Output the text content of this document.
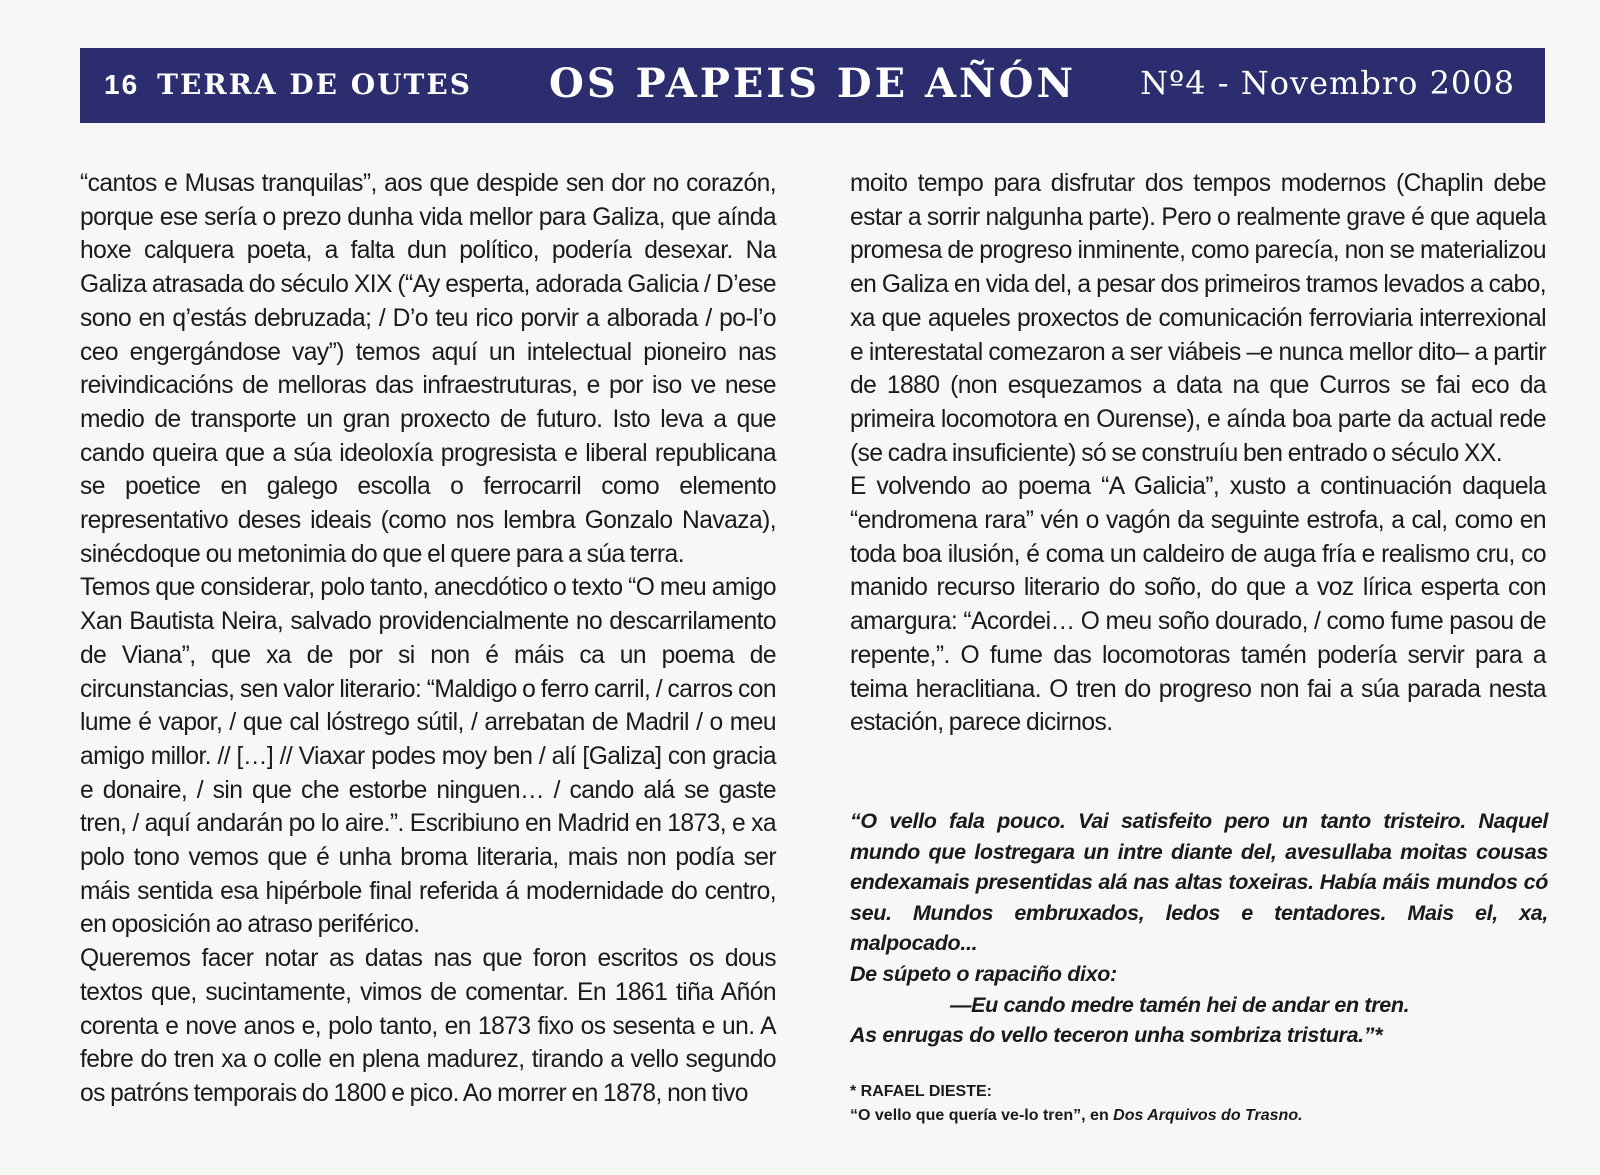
16 TERRA DE OUTES	OS PAPEIS DE AÑÓN	Nº4 - Novembro 2008

“cantos e Musas tranquilas”, aos que despide sen dor no corazón, porque ese sería o prezo dunha vida mellor para Galiza, que aínda hoxe calquera poeta, a falta dun político, podería desexar. Na Galiza atrasada do século XIX (“Ay esperta, adorada Galicia / D’ese sono en q’estás debruzada; / D’o teu rico porvir a alborada / po-l’o ceo engergándose vay”) temos aquí un intelectual pioneiro nas reivindicacións de melloras das infraestruturas, e por iso ve nese medio de transporte un gran proxecto de futuro. Isto leva a que cando queira que a súa ideoloxía progresista e liberal republicana se poetice en galego escolla o ferrocarril como elemento representativo deses ideais (como nos lembra Gonzalo Navaza), sinécdoque ou metonimia do que el quere para a súa terra.

Temos que considerar, polo tanto, anecdótico o texto “O meu amigo Xan Bautista Neira, salvado providencialmente no descarrilamento de Viana”, que xa de por si non é máis ca un poema de circunstancias, sen valor literario: “Maldigo o ferro carril, / carros con lume é vapor, / que cal lóstrego sútil, / arrebatan de Madril / o meu amigo millor. // […] // Viaxar podes moy ben / alí [Galiza] con gracia e donaire, / sin que che estorbe ninguen… / cando alá se gaste tren, / aquí andarán po lo aire.”. Escribiuno en Madrid en 1873, e xa polo tono vemos que é unha broma literaria, mais non podía ser máis sentida esa hipérbole final referida á modernidade do centro, en oposición ao atraso periférico.

Queremos facer notar as datas nas que foron escritos os dous textos que, sucintamente, vimos de comentar. En 1861 tiña Añón corenta e nove anos e, polo tanto, en 1873 fixo os sesenta e un. A febre do tren xa o colle en plena madurez, tirando a vello segundo os patróns temporais do 1800 e pico. Ao morrer en 1878, non tivo

moito tempo para disfrutar dos tempos modernos (Chaplin debe estar a sorrir nalgunha parte). Pero o realmente grave é que aquela promesa de progreso inminente, como parecía, non se materializou en Galiza en vida del, a pesar dos primeiros tramos levados a cabo, xa que aqueles proxectos de comunicación ferroviaria interrexional e interestatal comezaron a ser viábeis –e nunca mellor dito– a partir de 1880 (non esquezamos a data na que Curros se fai eco da primeira locomotora en Ourense), e aínda boa parte da actual rede (se cadra insuficiente) só se construíu ben entrado o século XX.

E volvendo ao poema “A Galicia”, xusto a continuación daquela “endromena rara” vén o vagón da seguinte estrofa, a cal, como en toda boa ilusión, é coma un caldeiro de auga fría e realismo cru, co manido recurso literario do soño, do que a voz lírica esperta con amargura: “Acordei… O meu soño dourado, / como fume pasou de repente,”. O fume das locomotoras tamén podería servir para a teima heraclitiana. O tren do progreso non fai a súa parada nesta estación, parece dicirnos.

“O vello fala pouco. Vai satisfeito pero un tanto tristeiro. Naquel mundo que lostregara un intre diante del, avesullaba moitas cousas endexamais presentidas alá nas altas toxeiras. Había máis mundos có seu. Mundos embruxados, ledos e tentadores. Mais el, xa, malpocado...

De súpeto o rapaciño dixo:

—Eu cando medre tamén hei de andar en tren.

As enrugas do vello teceron unha sombriza tristura.”*

* RAFAEL DIESTE:

“O vello que quería ve-lo tren”, en Dos Arquivos do Trasno.
